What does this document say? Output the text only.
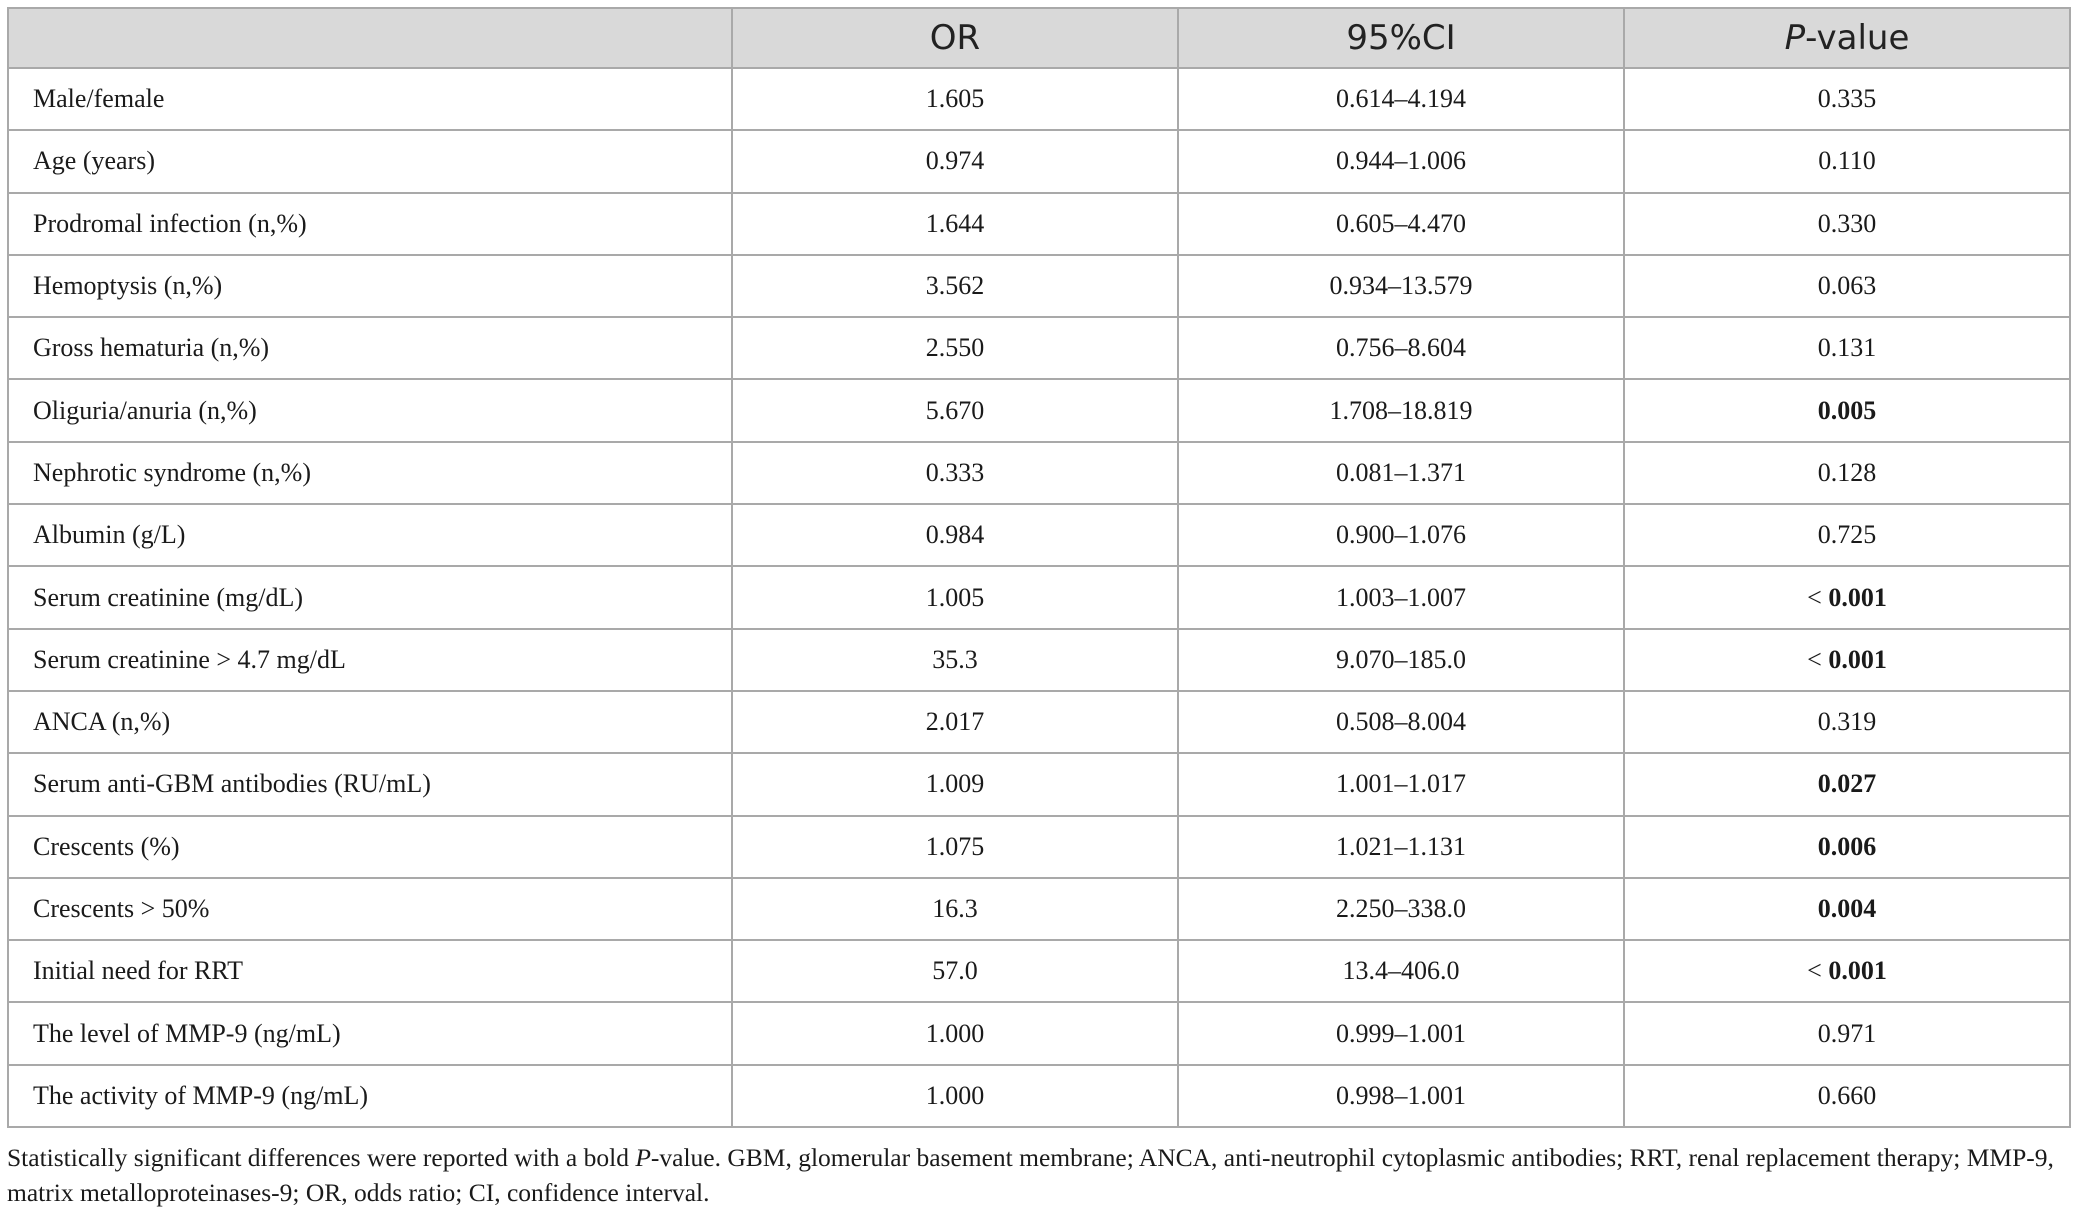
	OR	95%CI	P-value
Male/female	1.605	0.614–4.194	0.335
Age (years)	0.974	0.944–1.006	0.110
Prodromal infection (n,%)	1.644	0.605–4.470	0.330
Hemoptysis (n,%)	3.562	0.934–13.579	0.063
Gross hematuria (n,%)	2.550	0.756–8.604	0.131
Oliguria/anuria (n,%)	5.670	1.708–18.819	0.005
Nephrotic syndrome (n,%)	0.333	0.081–1.371	0.128
Albumin (g/L)	0.984	0.900–1.076	0.725
Serum creatinine (mg/dL)	1.005	1.003–1.007	< 0.001
Serum creatinine > 4.7 mg/dL	35.3	9.070–185.0	< 0.001
ANCA (n,%)	2.017	0.508–8.004	0.319
Serum anti-GBM antibodies (RU/mL)	1.009	1.001–1.017	0.027
Crescents (%)	1.075	1.021–1.131	0.006
Crescents > 50%	16.3	2.250–338.0	0.004
Initial need for RRT	57.0	13.4–406.0	< 0.001
The level of MMP-9 (ng/mL)	1.000	0.999–1.001	0.971
The activity of MMP-9 (ng/mL)	1.000	0.998–1.001	0.660
Statistically significant differences were reported with a bold P-value. GBM, glomerular basement membrane; ANCA, anti-neutrophil cytoplasmic antibodies; RRT, renal replacement therapy; MMP-9, matrix metalloproteinases-9; OR, odds ratio; CI, confidence interval.
